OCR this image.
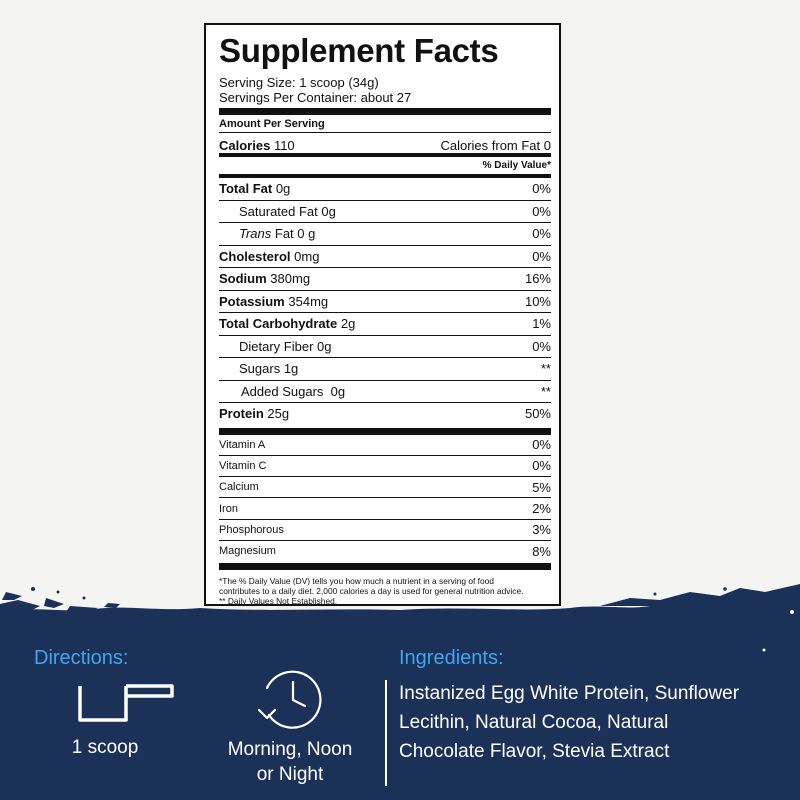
Supplement Facts
Serving Size: 1 scoop (34g)
Servings Per Container: about 27
Amount Per Serving
Calories 110	Calories from Fat 0
% Daily Value*
Total Fat 0g	0%
Saturated Fat 0g	0%
Trans Fat 0 g	0%
Cholesterol 0mg	0%
Sodium 380mg	16%
Potassium 354mg	10%
Total Carbohydrate 2g	1%
Dietary Fiber 0g	0%
Sugars 1g	**
Added Sugars  0g	**
Protein 25g	50%
Vitamin A	0%
Vitamin C	0%
Calcium	5%
Iron	2%
Phosphorous	3%
Magnesium	8%
*The % Daily Value (DV) tells you how much a nutrient in a serving of food
contributes to a daily diet. 2,000 calories a day is used for general nutrition advice.
** Daily Values Not Established.
Directions:
1 scoop	Morning, Noon
or Night
Ingredients:
Instanized Egg White Protein, Sunflower
Lecithin, Natural Cocoa, Natural
Chocolate Flavor, Stevia Extract
